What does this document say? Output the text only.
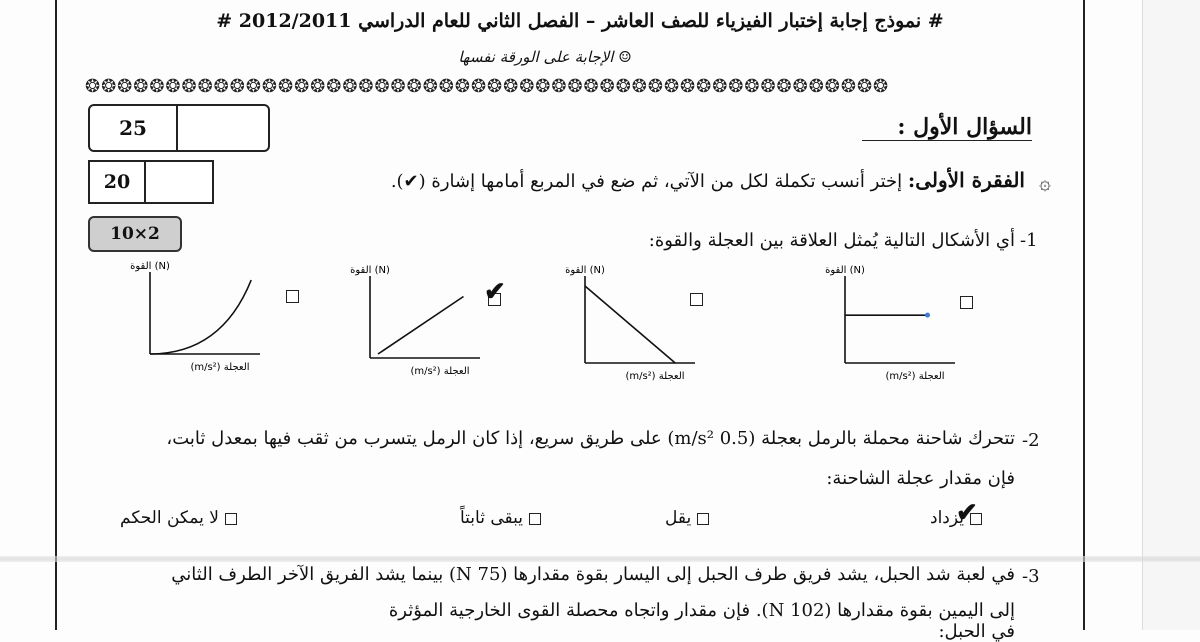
# نموذج إجابة إختبار الفيزياء للصف العاشر – الفصل الثاني للعام الدراسي 2012/2011 #
☺ الإجابة على الورقة نفسها
❂❂❂❂❂❂❂❂❂❂❂❂❂❂❂❂❂❂❂❂❂❂❂❂❂❂❂❂❂❂❂❂❂❂❂❂❂❂❂❂❂❂❂❂❂❂❂❂❂❂
25
20
10×2
السؤال الأول :
۞
الفقرة الأولى: إختر أنسب تكملة لكل من الآتي، ثم ضع في المربع أمامها إشارة (✔).
-1
أي الأشكال التالية يُمثل العلاقة بين العجلة والقوة:
القوة (N)
(m/s²) العجلة
القوة (N)
(m/s²) العجلة
القوة (N)
(m/s²) العجلة
✔
القوة (N)
(m/s²) العجلة
-2
تتحرك شاحنة محملة بالرمل بعجلة (0.5 m/s²) على طريق سريع، إذا كان الرمل يتسرب من ثقب فيها بمعدل ثابت،
فإن مقدار عجلة الشاحنة:
يزداد
✔
يقل
يبقى ثابتاً
لا يمكن الحكم
-3
في لعبة شد الحبل، يشد فريق طرف الحبل إلى اليسار بقوة مقدارها (75 N) بينما يشد الفريق الآخر الطرف الثاني
إلى اليمين بقوة مقدارها (102 N). فإن مقدار واتجاه محصلة القوى الخارجية المؤثرة في الحبل:
